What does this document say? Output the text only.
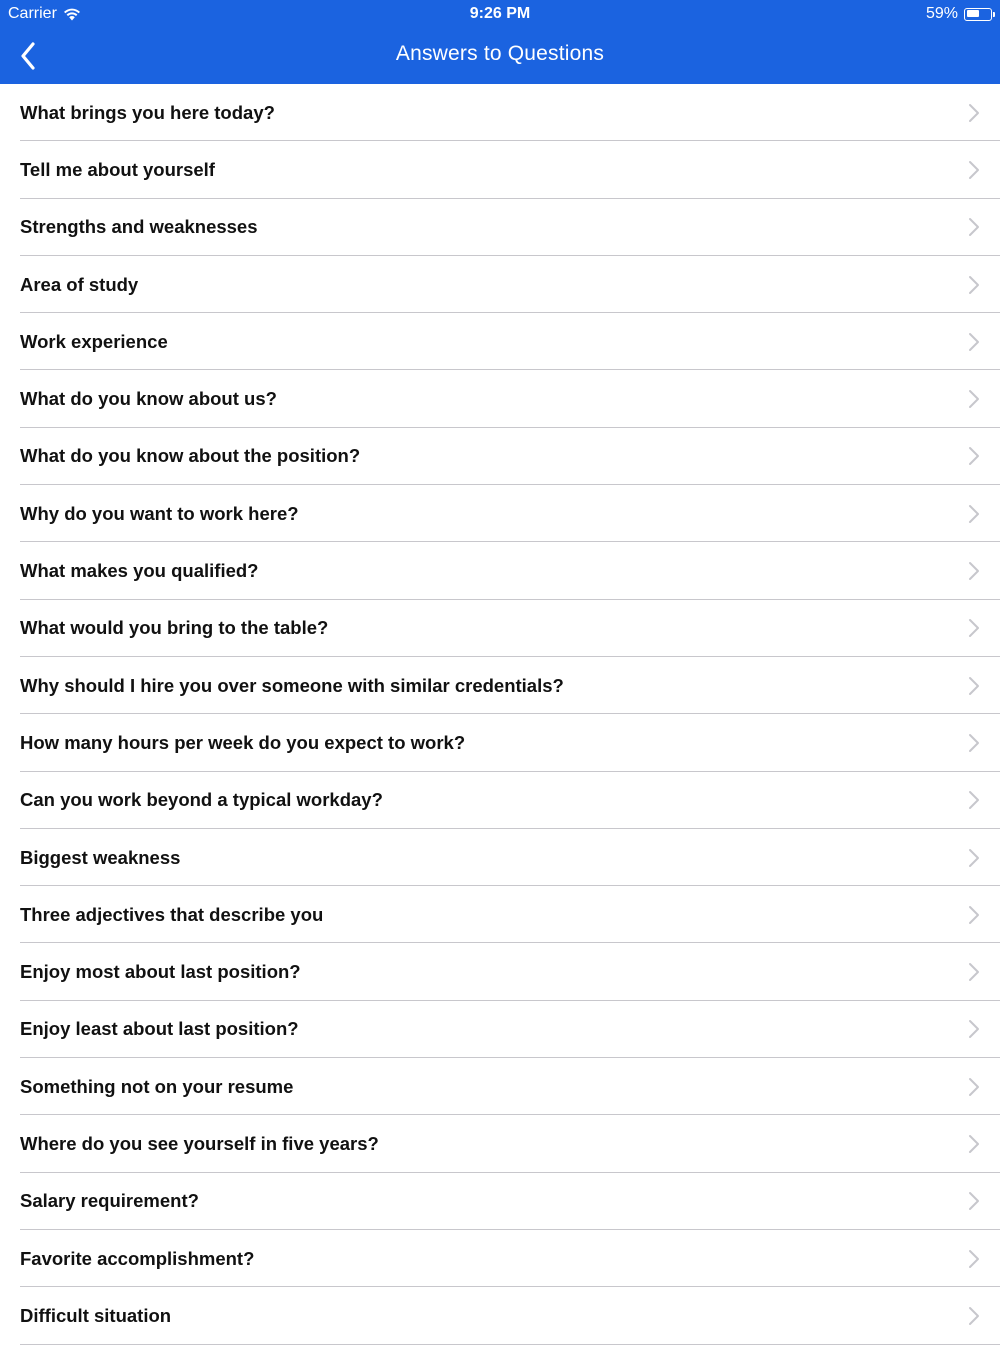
Carrier	9:26 PM	59%
Answers to Questions
What brings you here today?
Tell me about yourself
Strengths and weaknesses
Area of study
Work experience
What do you know about us?
What do you know about the position?
Why do you want to work here?
What makes you qualified?
What would you bring to the table?
Why should I hire you over someone with similar credentials?
How many hours per week do you expect to work?
Can you work beyond a typical workday?
Biggest weakness
Three adjectives that describe you
Enjoy most about last position?
Enjoy least about last position?
Something not on your resume
Where do you see yourself in five years?
Salary requirement?
Favorite accomplishment?
Difficult situation
